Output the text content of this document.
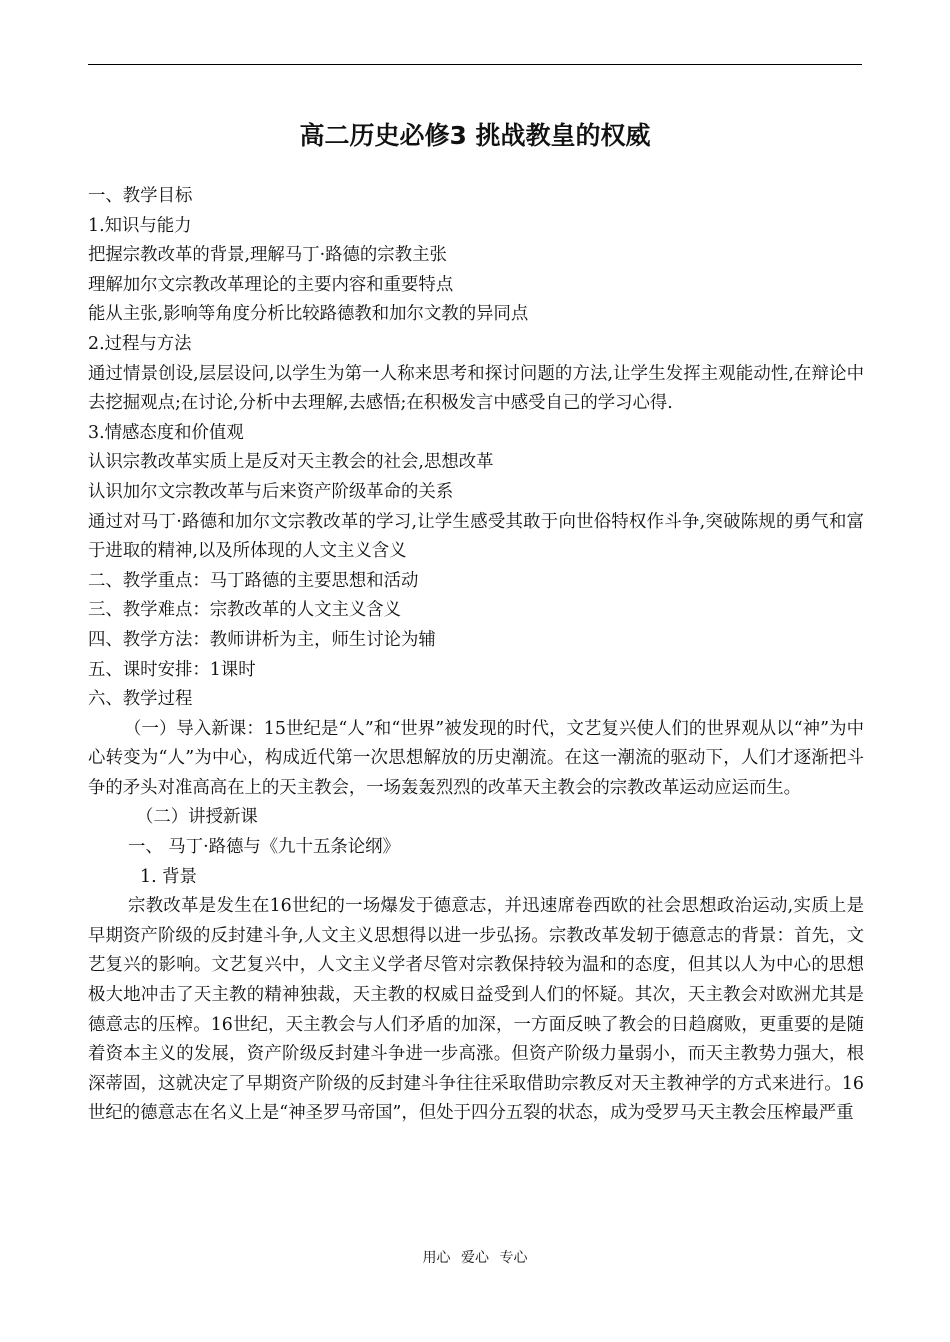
高二历史必修3 挑战教皇的权威

一、教学目标

1.知识与能力

把握宗教改革的背景,理解马丁·路德的宗教主张

理解加尔文宗教改革理论的主要内容和重要特点

能从主张,影响等角度分析比较路德教和加尔文教的异同点

2.过程与方法

通过情景创设,层层设问,以学生为第一人称来思考和探讨问题的方法,让学生发挥主观能动性,在辩论中去挖掘观点;在讨论,分析中去理解,去感悟;在积极发言中感受自己的学习心得.

3.情感态度和价值观

认识宗教改革实质上是反对天主教会的社会,思想改革

认识加尔文宗教改革与后来资产阶级革命的关系

通过对马丁·路德和加尔文宗教改革的学习,让学生感受其敢于向世俗特权作斗争,突破陈规的勇气和富于进取的精神,以及所体现的人文主义含义

二、教学重点：马丁路德的主要思想和活动

三、教学难点：宗教改革的人文主义含义

四、教学方法：教师讲析为主，师生讨论为辅

五、课时安排：1课时

六、教学过程

（一）导入新课：15世纪是“人”和“世界”被发现的时代，文艺复兴使人们的世界观从以“神”为中心转变为“人”为中心，构成近代第一次思想解放的历史潮流。在这一潮流的驱动下，人们才逐渐把斗争的矛头对准高高在上的天主教会，一场轰轰烈烈的改革天主教会的宗教改革运动应运而生。

（二）讲授新课

一、 马丁·路德与《九十五条论纲》

1. 背景

宗教改革是发生在16世纪的一场爆发于德意志，并迅速席卷西欧的社会思想政治运动,实质上是早期资产阶级的反封建斗争,人文主义思想得以进一步弘扬。宗教改革发轫于德意志的背景：首先，文艺复兴的影响。文艺复兴中，人文主义学者尽管对宗教保持较为温和的态度，但其以人为中心的思想极大地冲击了天主教的精神独裁，天主教的权威日益受到人们的怀疑。其次，天主教会对欧洲尤其是德意志的压榨。16世纪，天主教会与人们矛盾的加深，一方面反映了教会的日趋腐败，更重要的是随着资本主义的发展，资产阶级反封建斗争进一步高涨。但资产阶级力量弱小，而天主教势力强大，根深蒂固，这就决定了早期资产阶级的反封建斗争往往采取借助宗教反对天主教神学的方式来进行。16世纪的德意志在名义上是“神圣罗马帝国”，但处于四分五裂的状态，成为受罗马天主教会压榨最严重

用心 爱心 专心
